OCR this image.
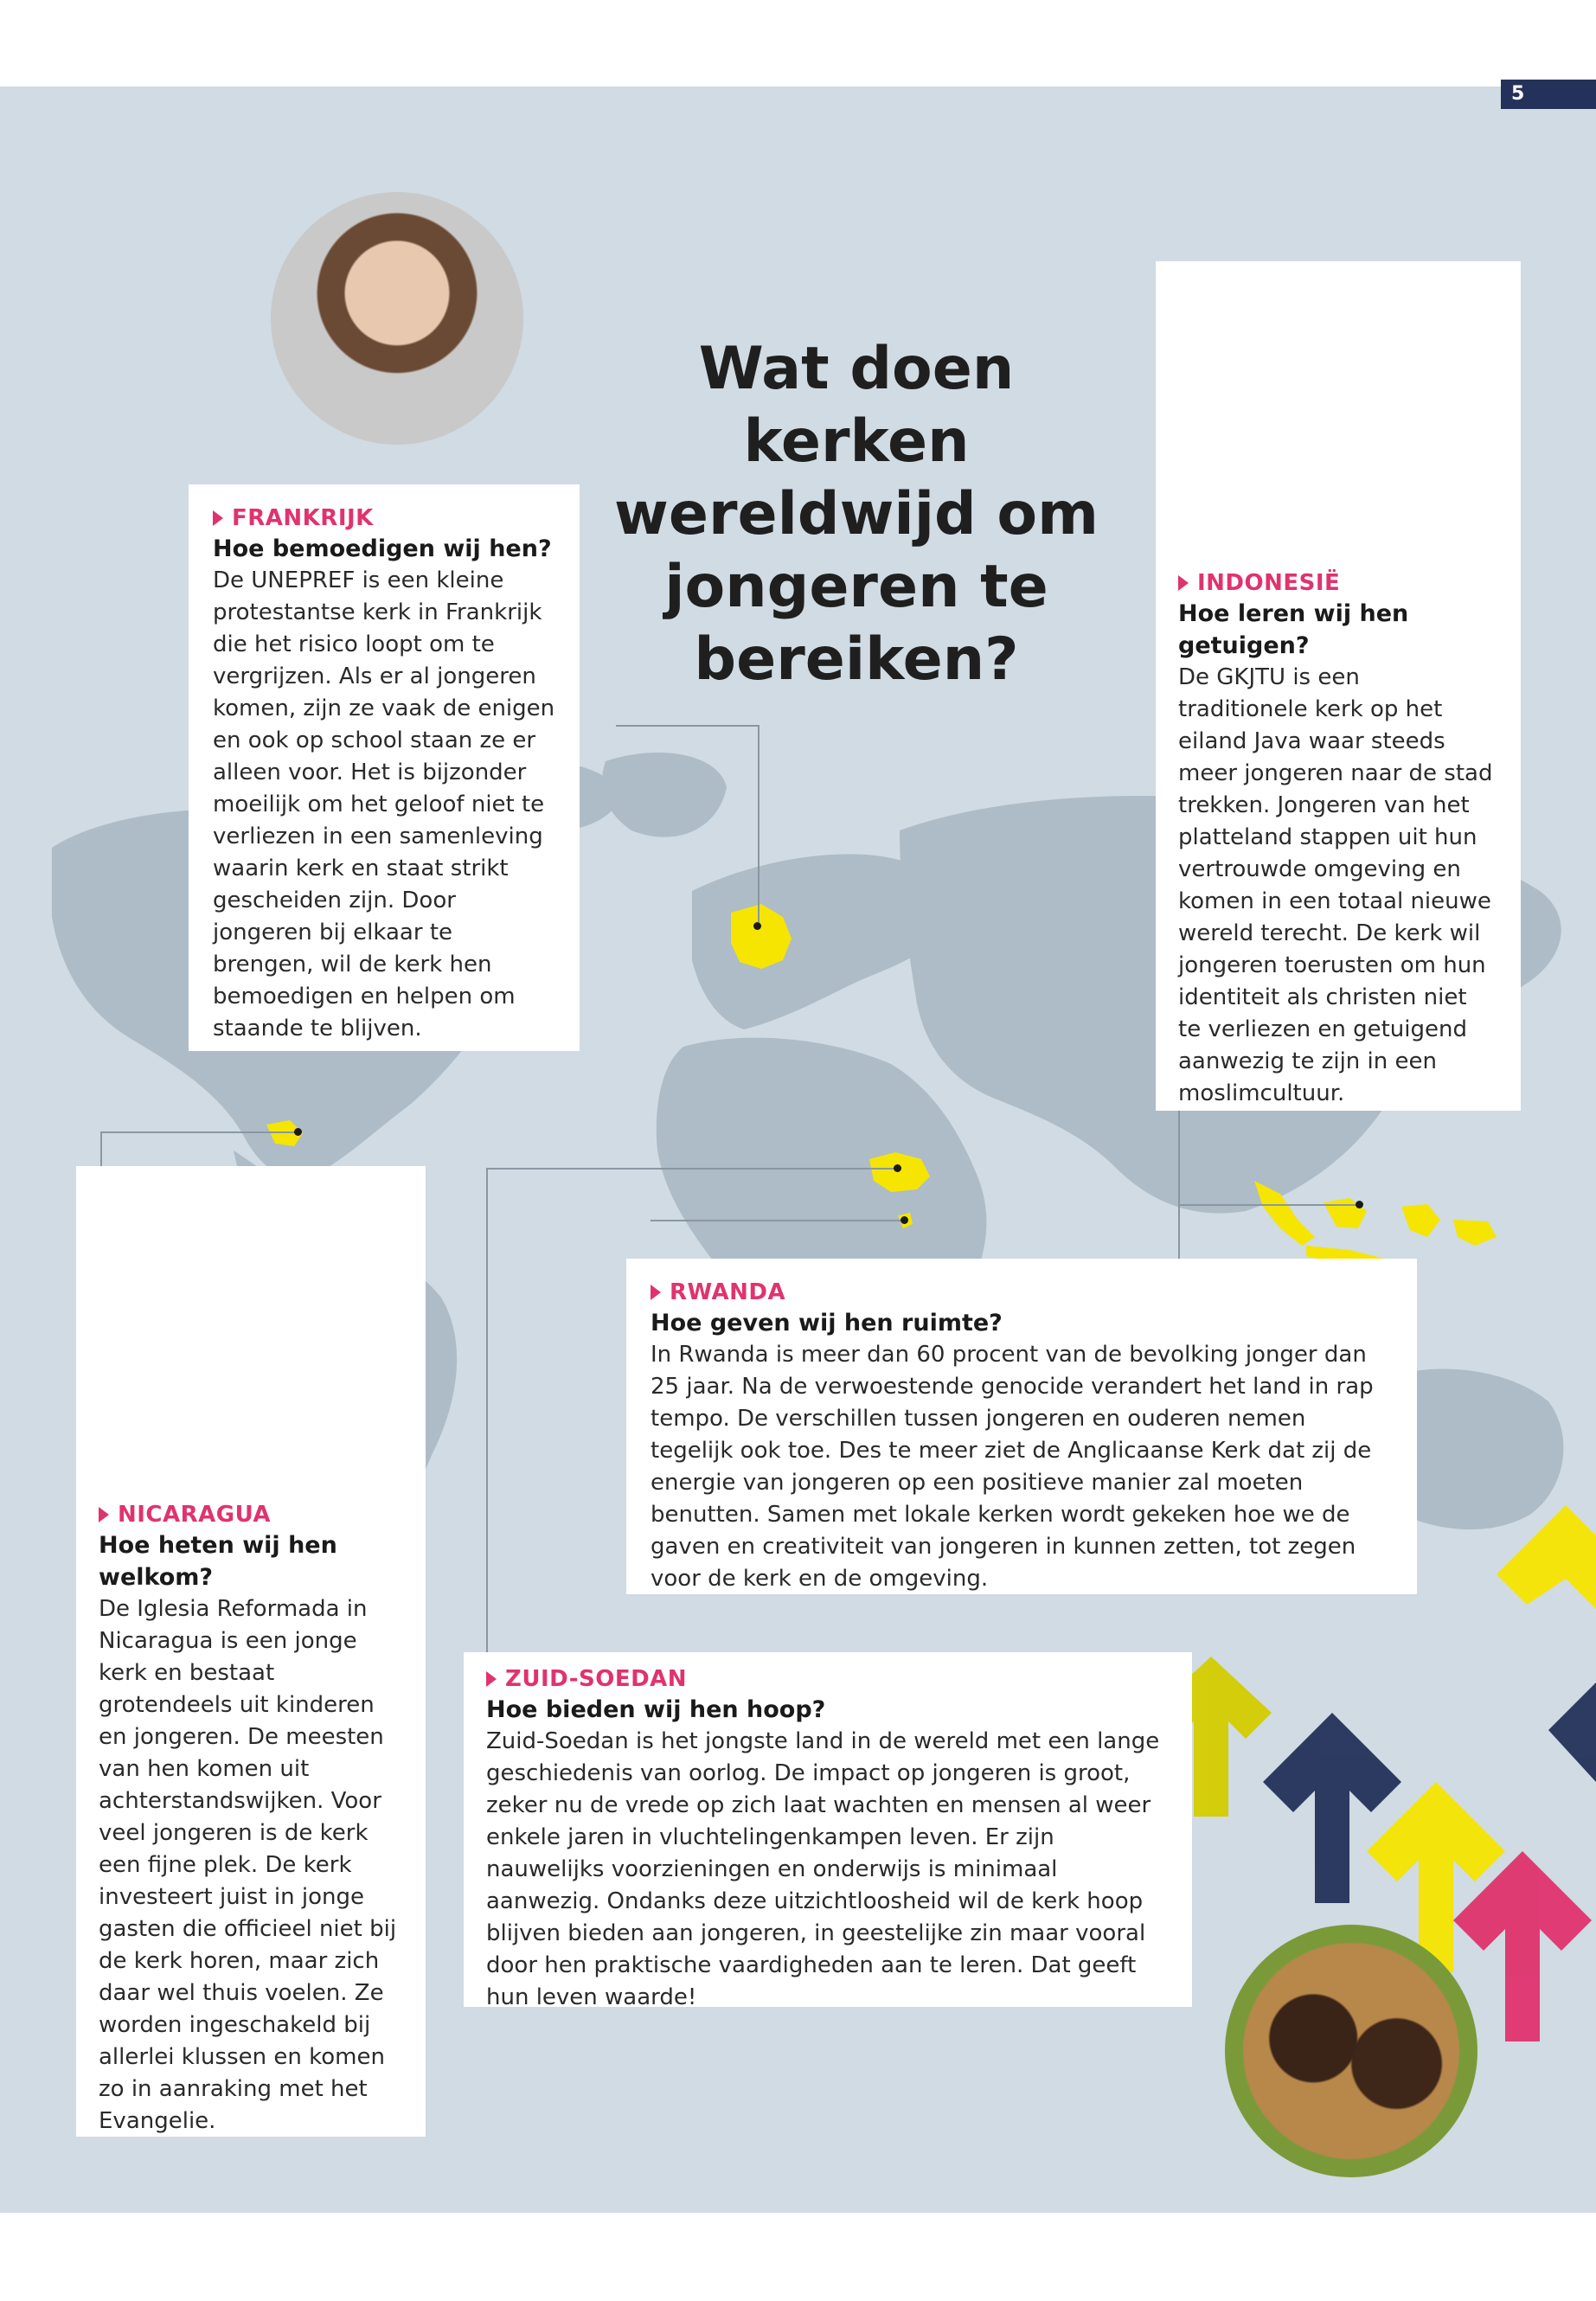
5
Wat doen kerken wereldwijd om jongeren te bereiken?
FRANKRIJK
Hoe bemoedigen wij hen?
De UNEPREF is een kleine protestantse kerk in Frankrijk die het risico loopt om te vergrijzen. Als er al jongeren komen, zijn ze vaak de enigen en ook op school staan ze er alleen voor. Het is bijzonder moeilijk om het geloof niet te verliezen in een samenleving waarin kerk en staat strikt gescheiden zijn. Door jongeren bij elkaar te brengen, wil de kerk hen bemoedigen en helpen om staande te blijven.
INDONESIË
Hoe leren wij hen getuigen?
De GKJTU is een traditionele kerk op het eiland Java waar steeds meer jongeren naar de stad trekken. Jongeren van het platteland stappen uit hun vertrouwde omgeving en komen in een totaal nieuwe wereld terecht. De kerk wil jongeren toerusten om hun identiteit als christen niet te verliezen en getuigend aanwezig te zijn in een moslimcultuur.
NICARAGUA
Hoe heten wij hen welkom?
De Iglesia Reformada in Nicaragua is een jonge kerk en bestaat grotendeels uit kinderen en jongeren. De meesten van hen komen uit achterstandswijken. Voor veel jongeren is de kerk een fijne plek. De kerk investeert juist in jonge gasten die officieel niet bij de kerk horen, maar zich daar wel thuis voelen. Ze worden ingeschakeld bij allerlei klussen en komen zo in aanraking met het Evangelie.
RWANDA
Hoe geven wij hen ruimte?
In Rwanda is meer dan 60 procent van de bevolking jonger dan 25 jaar. Na de verwoestende genocide verandert het land in rap tempo. De verschillen tussen jongeren en ouderen nemen tegelijk ook toe. Des te meer ziet de Anglicaanse Kerk dat zij de energie van jongeren op een positieve manier zal moeten benutten. Samen met lokale kerken wordt gekeken hoe we de gaven en creativiteit van jongeren in kunnen zetten, tot zegen voor de kerk en de omgeving.
ZUID-SOEDAN
Hoe bieden wij hen hoop?
Zuid-Soedan is het jongste land in de wereld met een lange geschiedenis van oorlog. De impact op jongeren is groot, zeker nu de vrede op zich laat wachten en mensen al weer enkele jaren in vluchtelingenkampen leven. Er zijn nauwelijks voorzieningen en onderwijs is minimaal aanwezig. Ondanks deze uitzichtloosheid wil de kerk hoop blijven bieden aan jongeren, in geestelijke zin maar vooral door hen praktische vaardigheden aan te leren. Dat geeft hun leven waarde!
